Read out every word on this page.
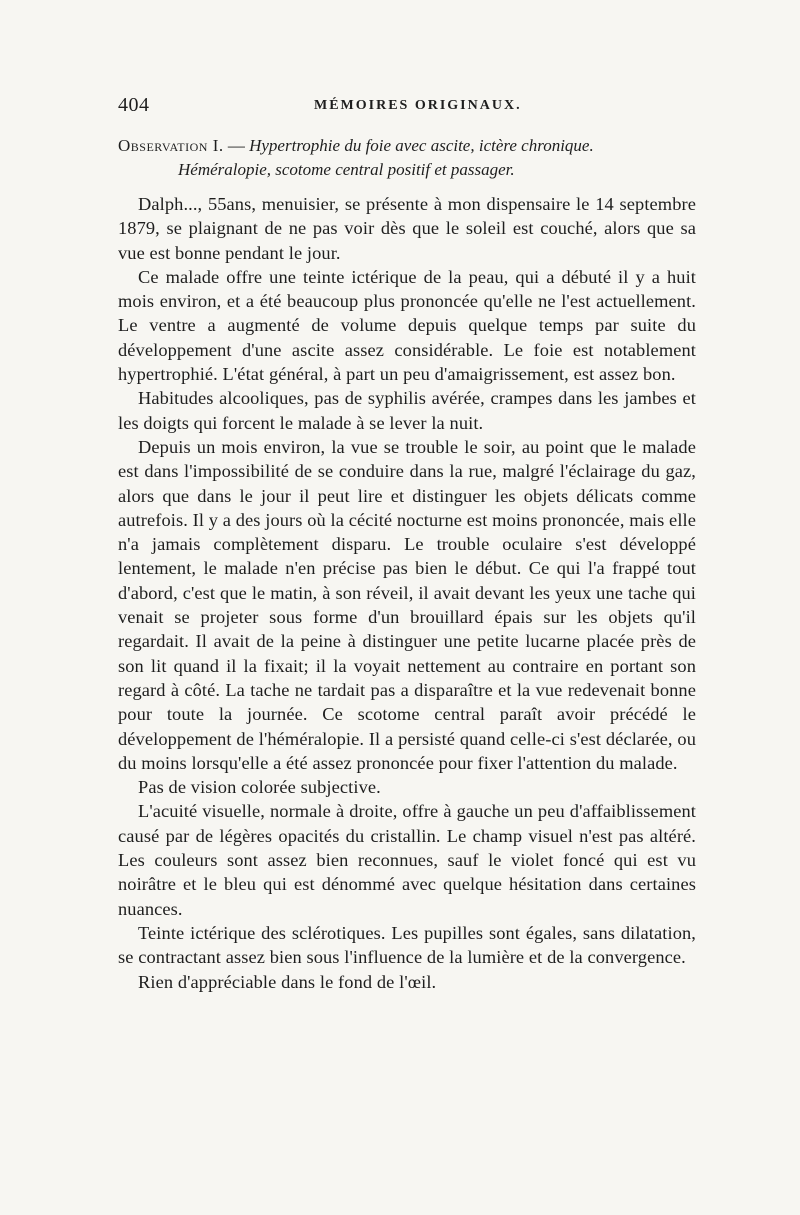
404	MÉMOIRES ORIGINAUX.
Observation I. — Hypertrophie du foie avec ascite, ictère chronique.
Héméralopie, scotome central positif et passager.

Dalph..., 55ans, menuisier, se présente à mon dispensaire le 14 septembre 1879, se plaignant de ne pas voir dès que le soleil est couché, alors que sa vue est bonne pendant le jour.

Ce malade offre une teinte ictérique de la peau, qui a débuté il y a huit mois environ, et a été beaucoup plus prononcée qu'elle ne l'est actuellement. Le ventre a augmenté de volume depuis quelque temps par suite du développement d'une ascite assez considérable. Le foie est notablement hypertrophié. L'état général, à part un peu d'amaigrissement, est assez bon.

Habitudes alcooliques, pas de syphilis avérée, crampes dans les jambes et les doigts qui forcent le malade à se lever la nuit.

Depuis un mois environ, la vue se trouble le soir, au point que le malade est dans l'impossibilité de se conduire dans la rue, malgré l'éclairage du gaz, alors que dans le jour il peut lire et distinguer les objets délicats comme autrefois. Il y a des jours où la cécité nocturne est moins prononcée, mais elle n'a jamais complètement disparu. Le trouble oculaire s'est développé lentement, le malade n'en précise pas bien le début. Ce qui l'a frappé tout d'abord, c'est que le matin, à son réveil, il avait devant les yeux une tache qui venait se projeter sous forme d'un brouillard épais sur les objets qu'il regardait. Il avait de la peine à distinguer une petite lucarne placée près de son lit quand il la fixait; il la voyait nettement au contraire en portant son regard à côté. La tache ne tardait pas a disparaître et la vue redevenait bonne pour toute la journée. Ce scotome central paraît avoir précédé le développement de l'héméralopie. Il a persisté quand celle-ci s'est déclarée, ou du moins lorsqu'elle a été assez prononcée pour fixer l'attention du malade.

Pas de vision colorée subjective.

L'acuité visuelle, normale à droite, offre à gauche un peu d'affaiblissement causé par de légères opacités du cristallin. Le champ visuel n'est pas altéré. Les couleurs sont assez bien reconnues, sauf le violet foncé qui est vu noirâtre et le bleu qui est dénommé avec quelque hésitation dans certaines nuances.

Teinte ictérique des sclérotiques. Les pupilles sont égales, sans dilatation, se contractant assez bien sous l'influence de la lumière et de la convergence.

Rien d'appréciable dans le fond de l'œil.
